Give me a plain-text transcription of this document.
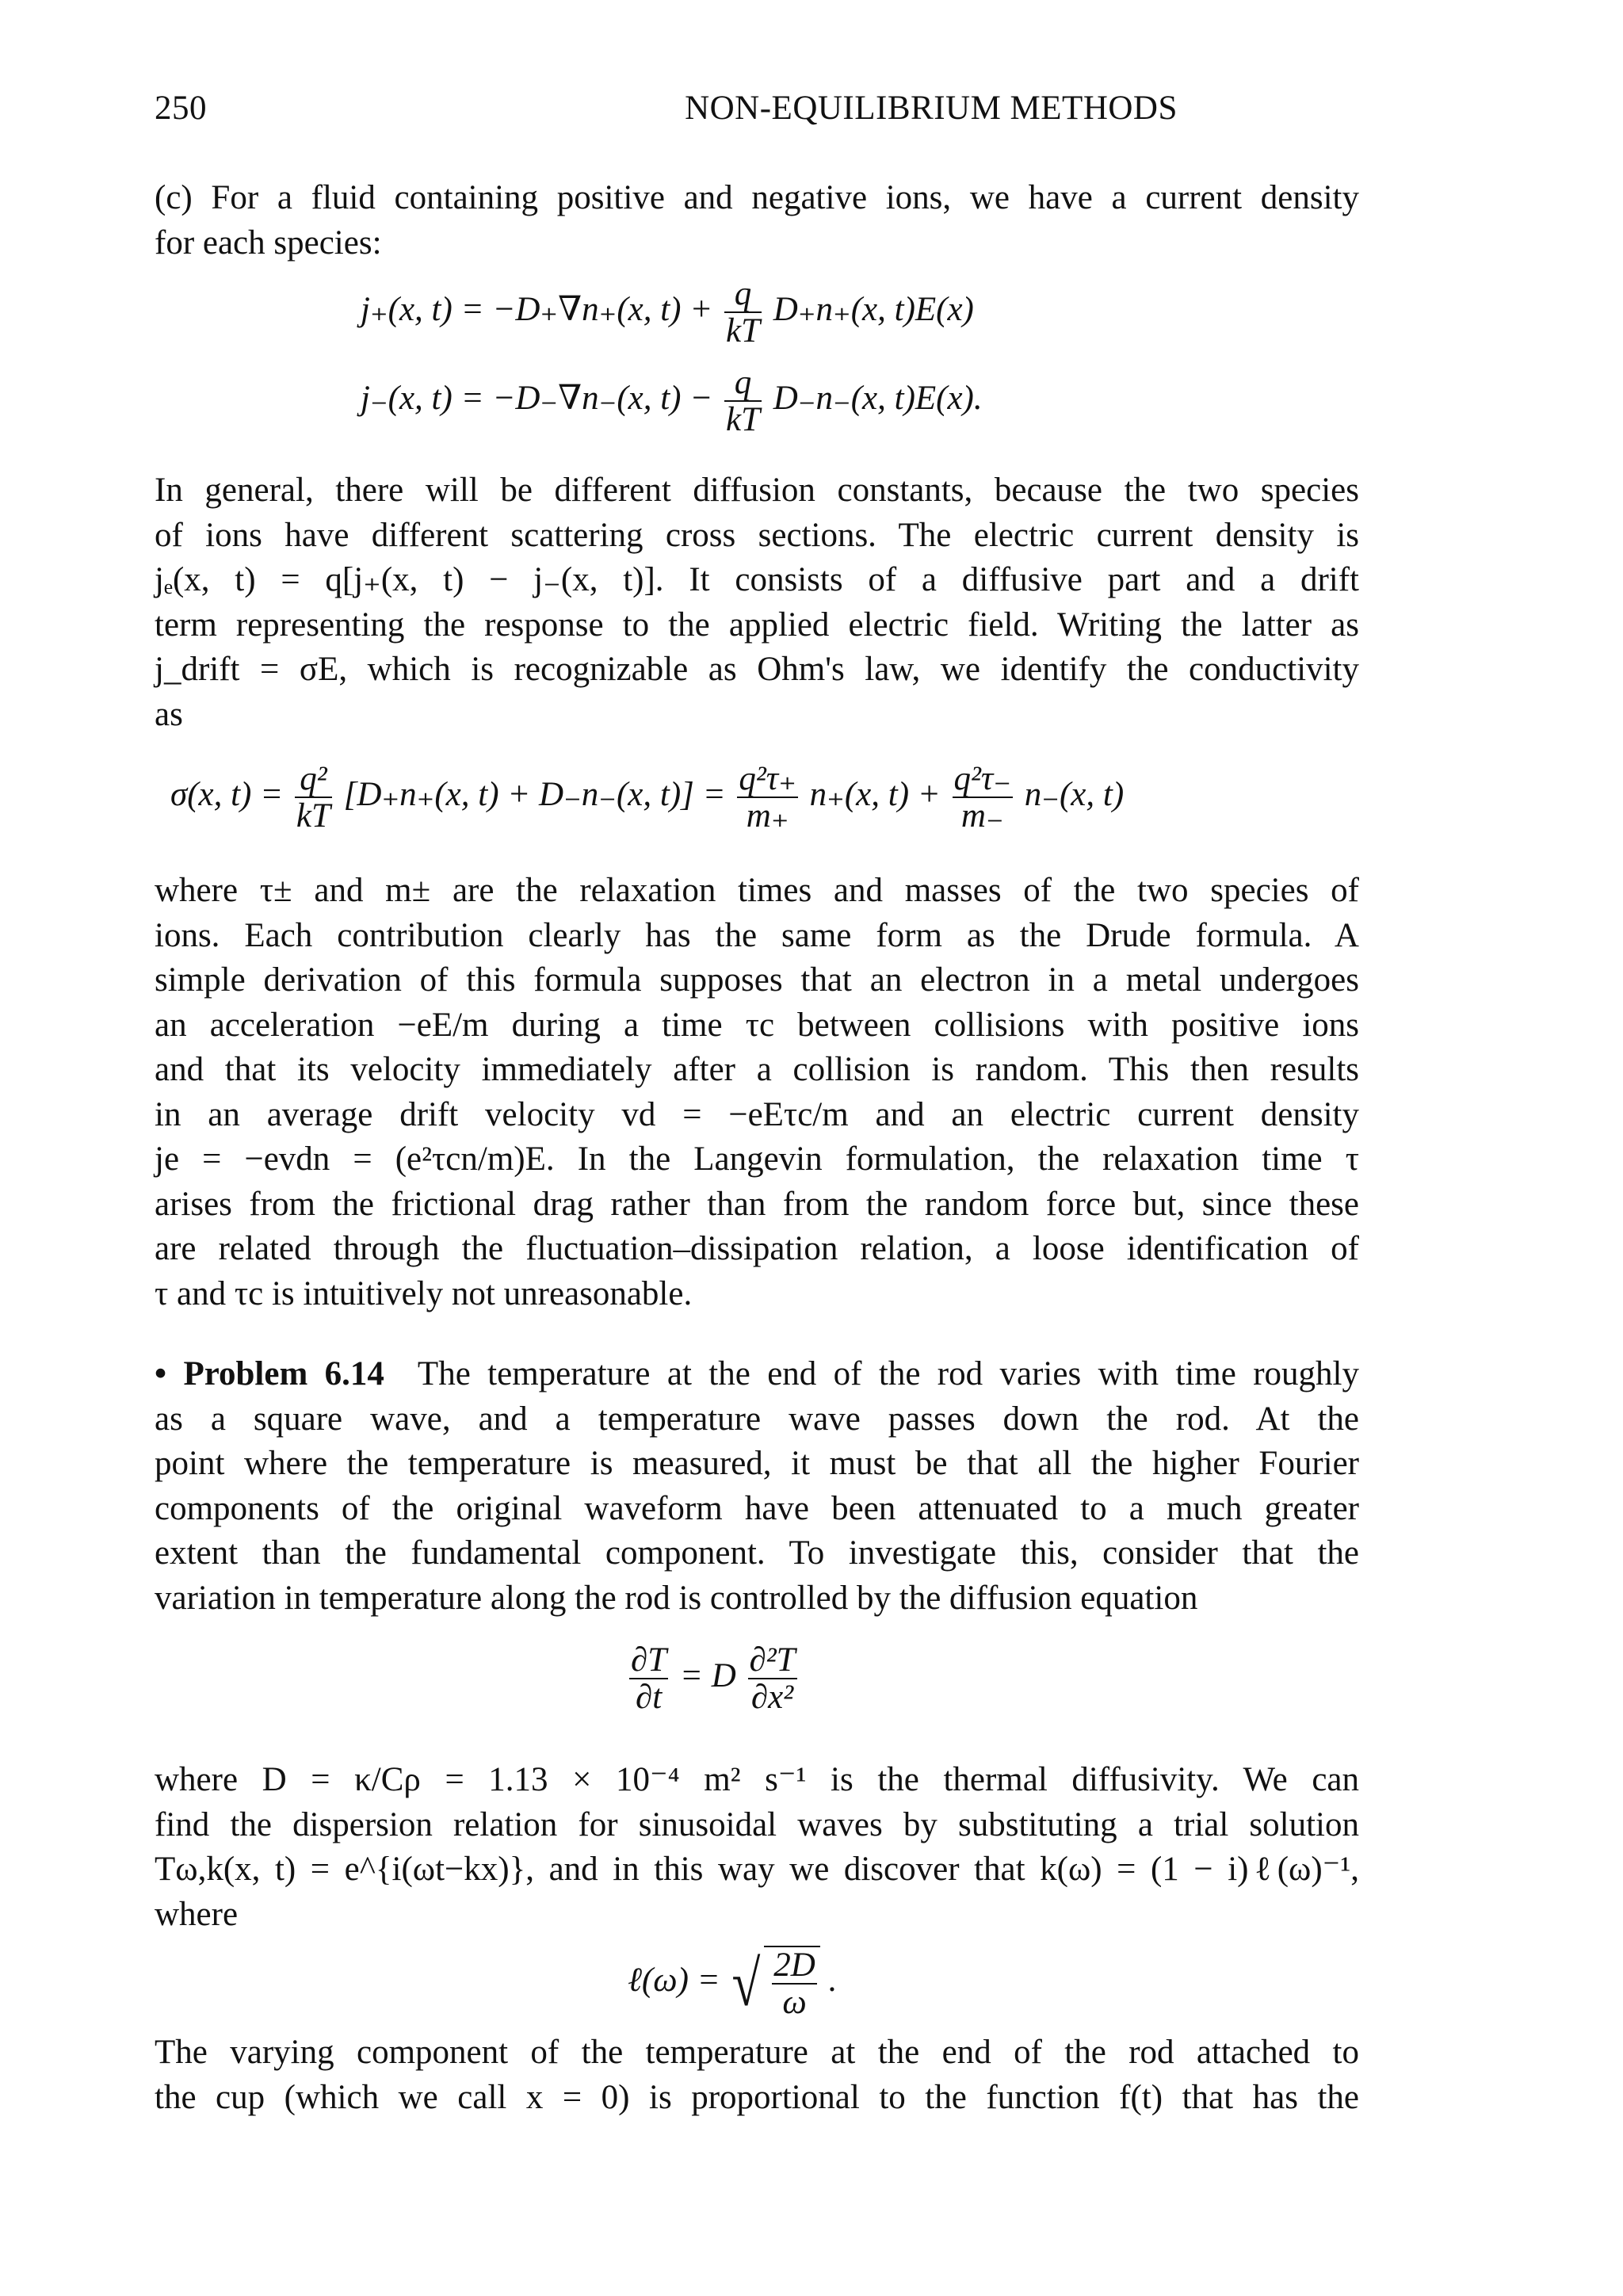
250	NON-EQUILIBRIUM METHODS
(c) For a fluid containing positive and negative ions, we have a current density
for each species:
j₊(x, t) = −D₊∇n₊(x, $t) + \frac{q}{kT} D_+n_+(x$, t)E(x)
j₋(x, t) = −D₋∇n₋(x, $t) - \frac{q}{kT} D_-n_-(x$, t)E(x).
In general, there will be different diffusion constants, because the two species
of ions have different scattering cross sections. The electric current density is
jₑ(x, t) = q[j₊(x, t) − j₋(x, t)]. It consists of a diffusive part and a drift
term representing the response to the applied electric field. Writing the latter as
j_drift = σE, which is recognizable as Ohm's law, we identify the conductivity
as
σ(x, $t) = \frac{\text{q²}}{kT} [D_+n_+(x$, t) + D₋n₋(x, $t)] = \frac{\text{q²τ₊}}{m_+} n_+(x$, $t) + \frac{\text{q²τ₋}}{m_-} n_-(x$, t)
where τ± and m± are the relaxation times and masses of the two species of
ions. Each contribution clearly has the same form as the Drude formula. A
simple derivation of this formula supposes that an electron in a metal undergoes
an acceleration −eE/m during a time τc between collisions with positive ions
and that its velocity immediately after a collision is random. This then results
in an average drift velocity vd = −eEτc/m and an electric current density
je = −evdn = (e²τcn/m)E. In the Langevin formulation, the relaxation time τ
arises from the frictional drag rather than from the random force but, since these
are related through the fluctuation–dissipation relation, a loose identification of
τ and τc is intuitively not unreasonable.
• Problem 6.14 The temperature at the end of the rod varies with time roughly
as a square wave, and a temperature wave passes down the rod. At the
point where the temperature is measured, it must be that all the higher Fourier
components of the original waveform have been attenuated to a much greater
extent than the fundamental component. To investigate this, consider that the
variation in temperature along the rod is controlled by the diffusion equation
$\frac{\partial T}{\partial t} = D \frac{\text{∂²T}}{\text{∂x²}}$
where D = κ/Cρ = 1.13 × 10⁻⁴ m² s⁻¹ is the thermal diffusivity. We can
find the dispersion relation for sinusoidal waves by substituting a trial solution
Tω,k(x, t) = e^{i(ωt−kx)}, and in this way we discover that k(ω) = (1 − i)ℓ(ω)⁻¹,
where
ℓ(ω) = √ $\frac{2D}{\omega}$ .
The varying component of the temperature at the end of the rod attached to
the cup (which we call x = 0) is proportional to the function f(t) that has the
